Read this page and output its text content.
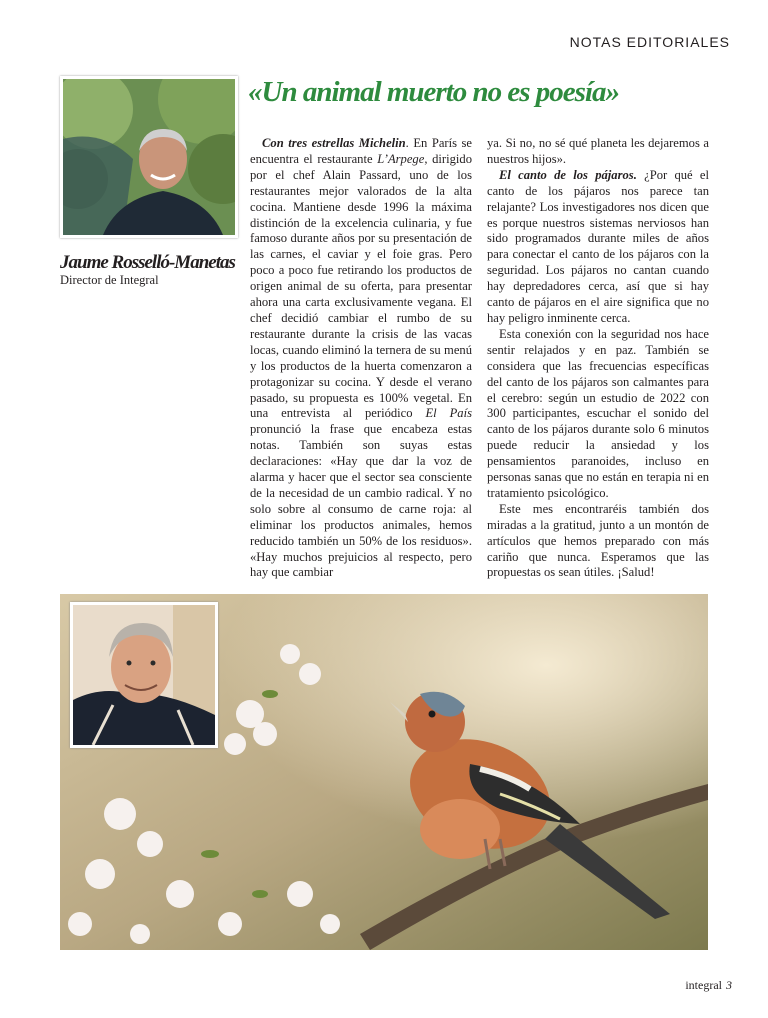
NOTAS EDITORIALES
«Un animal muerto no es poesía»
Jaume Rosselló-Manetas
Director de Integral

Con tres estrellas Michelin. En París se encuentra el restaurante L’Arpege, dirigido por el chef Alain Passard, uno de los restaurantes mejor valorados de la alta cocina. Mantiene desde 1996 la máxima distinción de la excelencia culinaria, y fue famoso durante años por su presentación de las carnes, el caviar y el foie gras. Pero poco a poco fue retirando los productos de origen animal de su oferta, para presentar ahora una carta exclusivamente vegana. El chef decidió cambiar el rumbo de su restaurante durante la crisis de las vacas locas, cuando eliminó la ternera de su menú y los productos de la huerta comenzaron a protagonizar su cocina. Y desde el verano pasado, su propuesta es 100% vegetal. En una entrevista al periódico El País pronunció la frase que encabeza estas notas. También son suyas estas declaraciones: «Hay que dar la voz de alarma y hacer que el sector sea consciente de la necesidad de un cambio radical. Y no solo sobre al consumo de carne roja: al eliminar los productos animales, hemos reducido también un 50% de los residuos». «Hay muchos prejuicios al respecto, pero hay que cambiar

ya. Si no, no sé qué planeta les dejaremos a nuestros hijos».

El canto de los pájaros. ¿Por qué el canto de los pájaros nos parece tan relajante? Los investigadores nos dicen que es porque nuestros sistemas nerviosos han sido programados durante miles de años para conectar el canto de los pájaros con la seguridad. Los pájaros no cantan cuando hay depredadores cerca, así que si hay canto de pájaros en el aire significa que no hay peligro inminente cerca.

Esta conexión con la seguridad nos hace sentir relajados y en paz. También se considera que las frecuencias específicas del canto de los pájaros son calmantes para el cerebro: según un estudio de 2022 con 300 participantes, escuchar el sonido del canto de los pájaros durante solo 6 minutos puede reducir la ansiedad y los pensamientos paranoides, incluso en personas sanas que no están en terapia ni en tratamiento psicológico.

Este mes encontraréis también dos miradas a la gratitud, junto a un montón de artículos que hemos preparado con más cariño que nunca. Esperamos que las propuestas os sean útiles. ¡Salud!

integral 3
